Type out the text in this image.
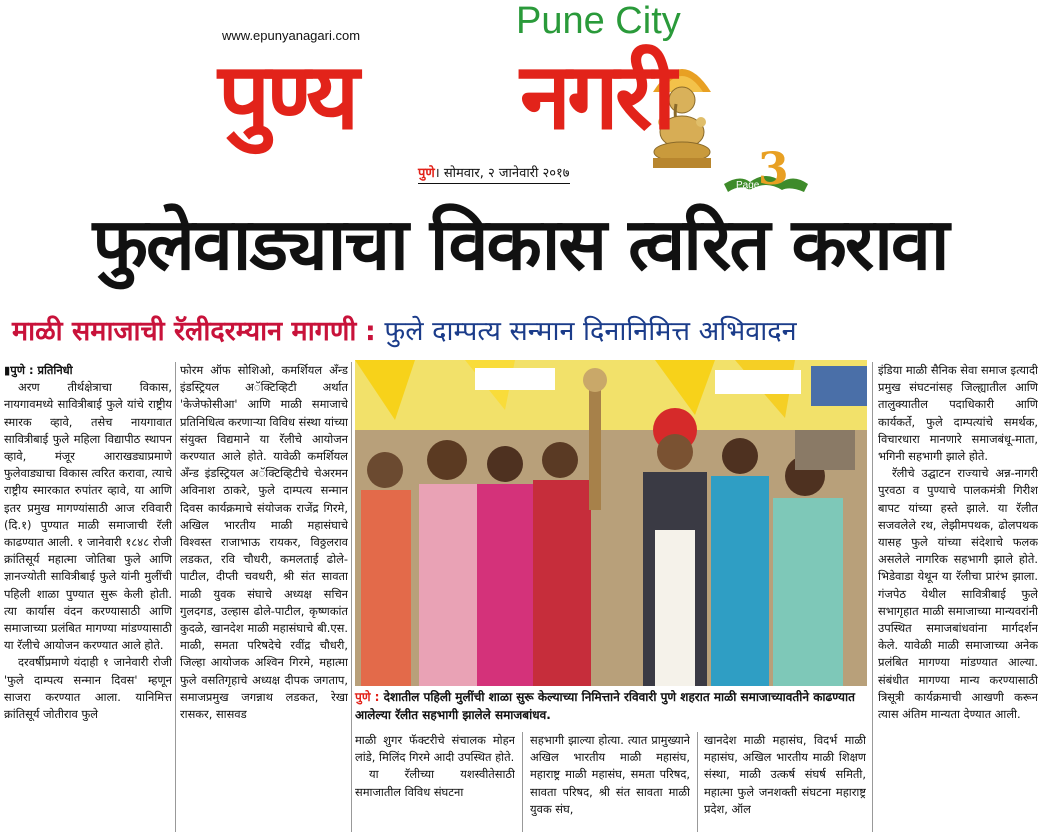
www.epunyanagari.com	Pune City
पुण्य नगरी
पुणे। सोमवार, २ जानेवारी २०१७	3
Page
फुलेवाड्याचा विकास त्वरित करावा
माळी समाजाची रॅलीदरम्यान मागणी : फुले दाम्पत्य सन्मान दिनानिमित्त अभिवादन

▮पुणे : प्रतिनिधी

अरण तीर्थक्षेत्राचा विकास, नायगावमध्ये सावित्रीबाई फुले यांचे राष्ट्रीय स्मारक व्हावे, तसेच नायगावात सावित्रीबाई फुले महिला विद्यापीठ स्थापन व्हावे, मंजूर आराखड्याप्रमाणे फुलेवाड्याचा विकास त्वरित करावा, त्याचे राष्ट्रीय स्मारकात रुपांतर व्हावे, या आणि इतर प्रमुख मागण्यांसाठी आज रविवारी (दि.१) पुण्यात माळी समाजाची रॅली काढण्यात आली. १ जानेवारी १८४८ रोजी क्रांतिसूर्य महात्मा जोतिबा फुले आणि ज्ञानज्योती सावित्रीबाई फुले यांनी मुलींची पहिली शाळा पुण्यात सुरू केली होती. त्या कार्यास वंदन करण्यासाठी आणि समाजाच्या प्रलंबित मागण्या मांडण्यासाठी या रॅलीचे आयोजन करण्यात आले होते.

दरवर्षीप्रमाणे यंदाही १ जानेवारी रोजी 'फुले दाम्पत्य सन्मान दिवस' म्हणून साजरा करण्यात आला. यानिमित्त क्रांतिसूर्य जोतीराव फुले

फोरम ऑफ सोशिओ, कमर्शियल अँन्ड इंडस्ट्रियल अॅक्टिव्हिटी अर्थात 'केजेफोसीआ' आणि माळी समाजाचे प्रतिनिधित्व करणाऱ्या विविध संस्था यांच्या संयुक्त विद्यमाने या रॅलीचे आयोजन करण्यात आले होते. यावेळी कमर्शियल अँन्ड इंडस्ट्रियल अॅक्टिव्हिटीचे चेअरमन अविनाश ठाकरे, फुले दाम्पत्य सन्मान दिवस कार्यक्रमाचे संयोजक राजेंद्र गिरमे, अखिल भारतीय माळी महासंघाचे विश्वस्त राजाभाऊ रायकर, विठ्ठलराव लडकत, रवि चौधरी, कमलताई ढोले- पाटील, दीप्ती चवधरी, श्री संत सावता माळी युवक संघाचे अध्यक्ष सचिन गुलदगड, उल्हास ढोले-पाटील, कृष्णकांत कुदळे, खानदेश माळी महासंघाचे बी.एस. माळी, समता परिषदेचे रवींद्र चौधरी, जिल्हा आयोजक अश्विन गिरमे, महात्मा फुले वसतिगृहाचे अध्यक्ष दीपक जगताप, समाजप्रमुख जगन्नाथ लडकत, रेखा रासकर, सासवड

पुणे : देशातील पहिली मुलींची शाळा सुरू केल्याच्या निमित्ताने रविवारी पुणे शहरात माळी समाजाच्यावतीने काढण्यात आलेल्या रॅलीत सहभागी झालेले समाजबांधव.

माळी शुगर फॅक्टरीचे संचालक मोहन लांडे, मिलिंद गिरमे आदी उपस्थित होते.

या रॅलीच्या यशस्वीतेसाठी समाजातील विविध संघटना

सहभागी झाल्या होत्या. त्यात प्रामुख्याने अखिल भारतीय माळी महासंघ, महाराष्ट्र माळी महासंघ, समता परिषद, सावता परिषद, श्री संत सावता माळी युवक संघ,

खानदेश माळी महासंघ, विदर्भ माळी महासंघ, अखिल भारतीय माळी शिक्षण संस्था, माळी उत्कर्ष संघर्ष समिती, महात्मा फुले जनशक्ती संघटना महाराष्ट्र प्रदेश, ऑल

इंडिया माळी सैनिक सेवा समाज इत्यादी प्रमुख संघटनांसह जिल्ह्यातील आणि तालुक्यातील पदाधिकारी आणि कार्यकर्ते, फुले दाम्पत्यांचे समर्थक, विचारधारा मानणारे समाजबंधू-माता, भगिनी सहभागी झाले होते.

रॅलीचे उद्घाटन राज्याचे अन्न-नागरी पुरवठा व पुण्याचे पालकमंत्री गिरीश बापट यांच्या हस्ते झाले. या रॅलीत सजवलेले रथ, लेझीमपथक, ढोलपथक यासह फुले यांच्या संदेशाचे फलक असलेले नागरिक सहभागी झाले होते. भिडेवाडा येथून या रॅलीचा प्रारंभ झाला. गंजपेठ येथील सावित्रीबाई फुले सभागृहात माळी समाजाच्या मान्यवरांनी उपस्थित समाजबांधवांना मार्गदर्शन केले. यावेळी माळी समाजाच्या अनेक प्रलंबित मागण्या मांडण्यात आल्या. संबंधीत मागण्या मान्य करण्यासाठी त्रिसूत्री कार्यक्रमाची आखणी करून त्यास अंतिम मान्यता देण्यात आली.
